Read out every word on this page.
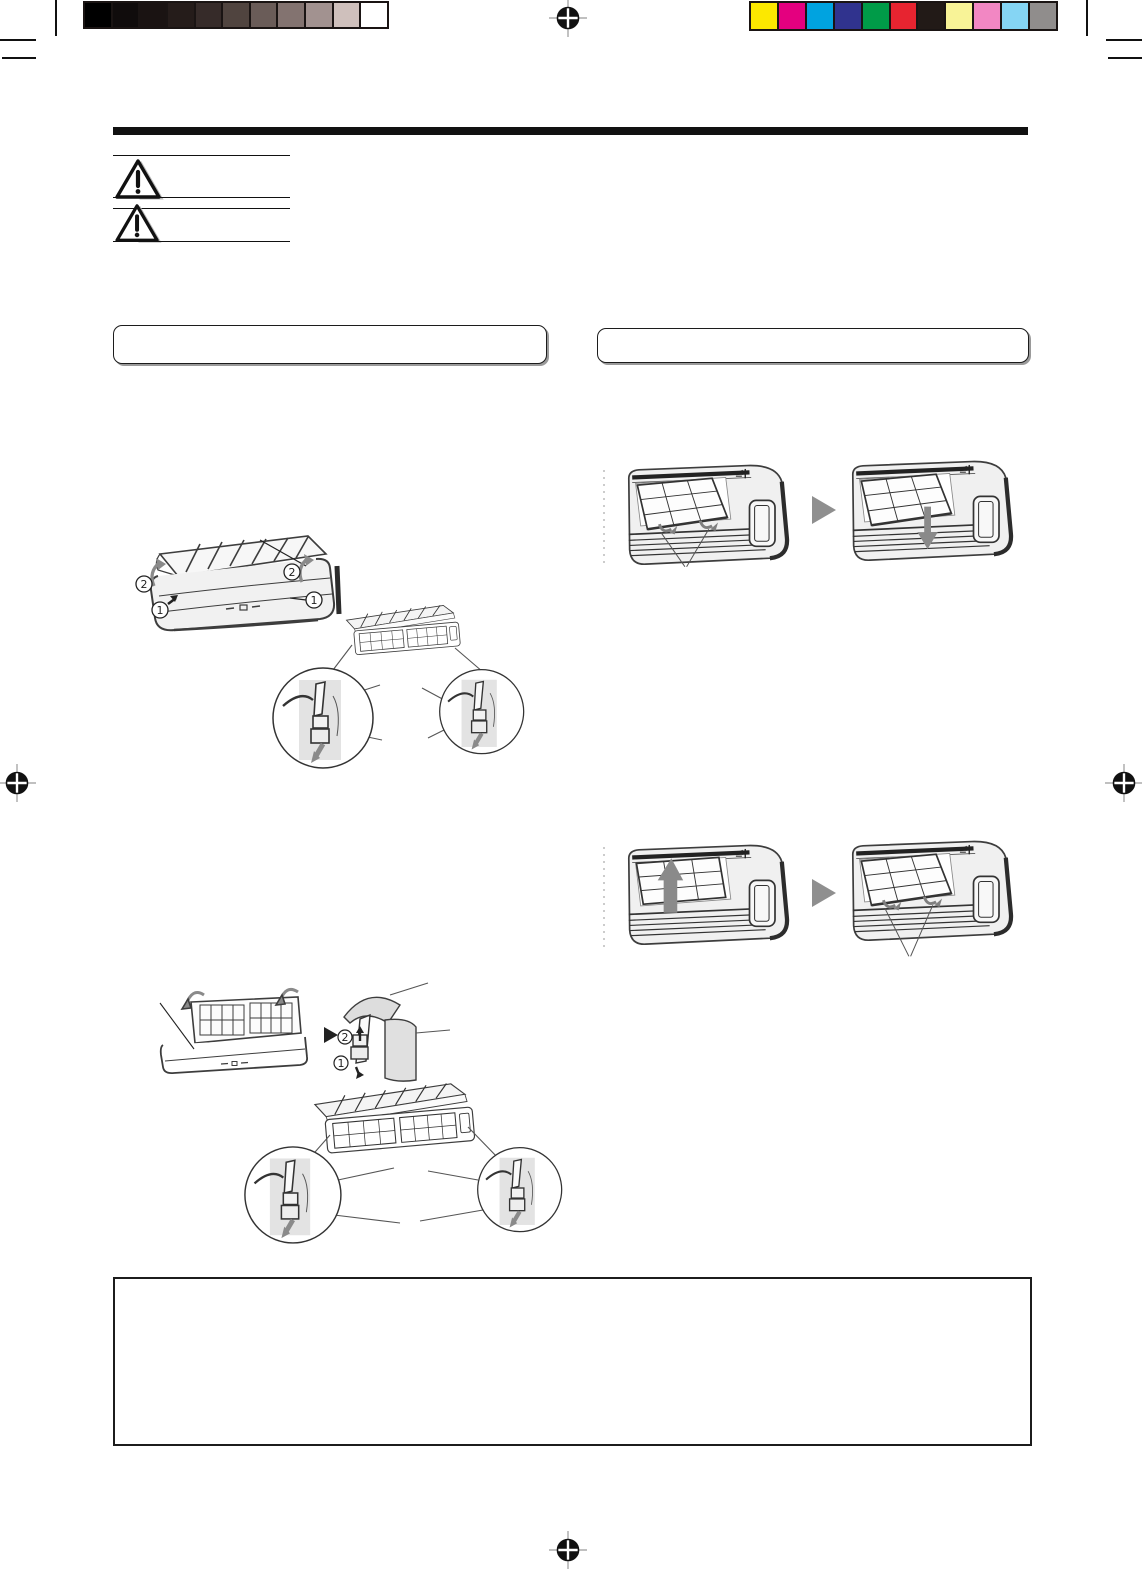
2
2
1
1
2
1
